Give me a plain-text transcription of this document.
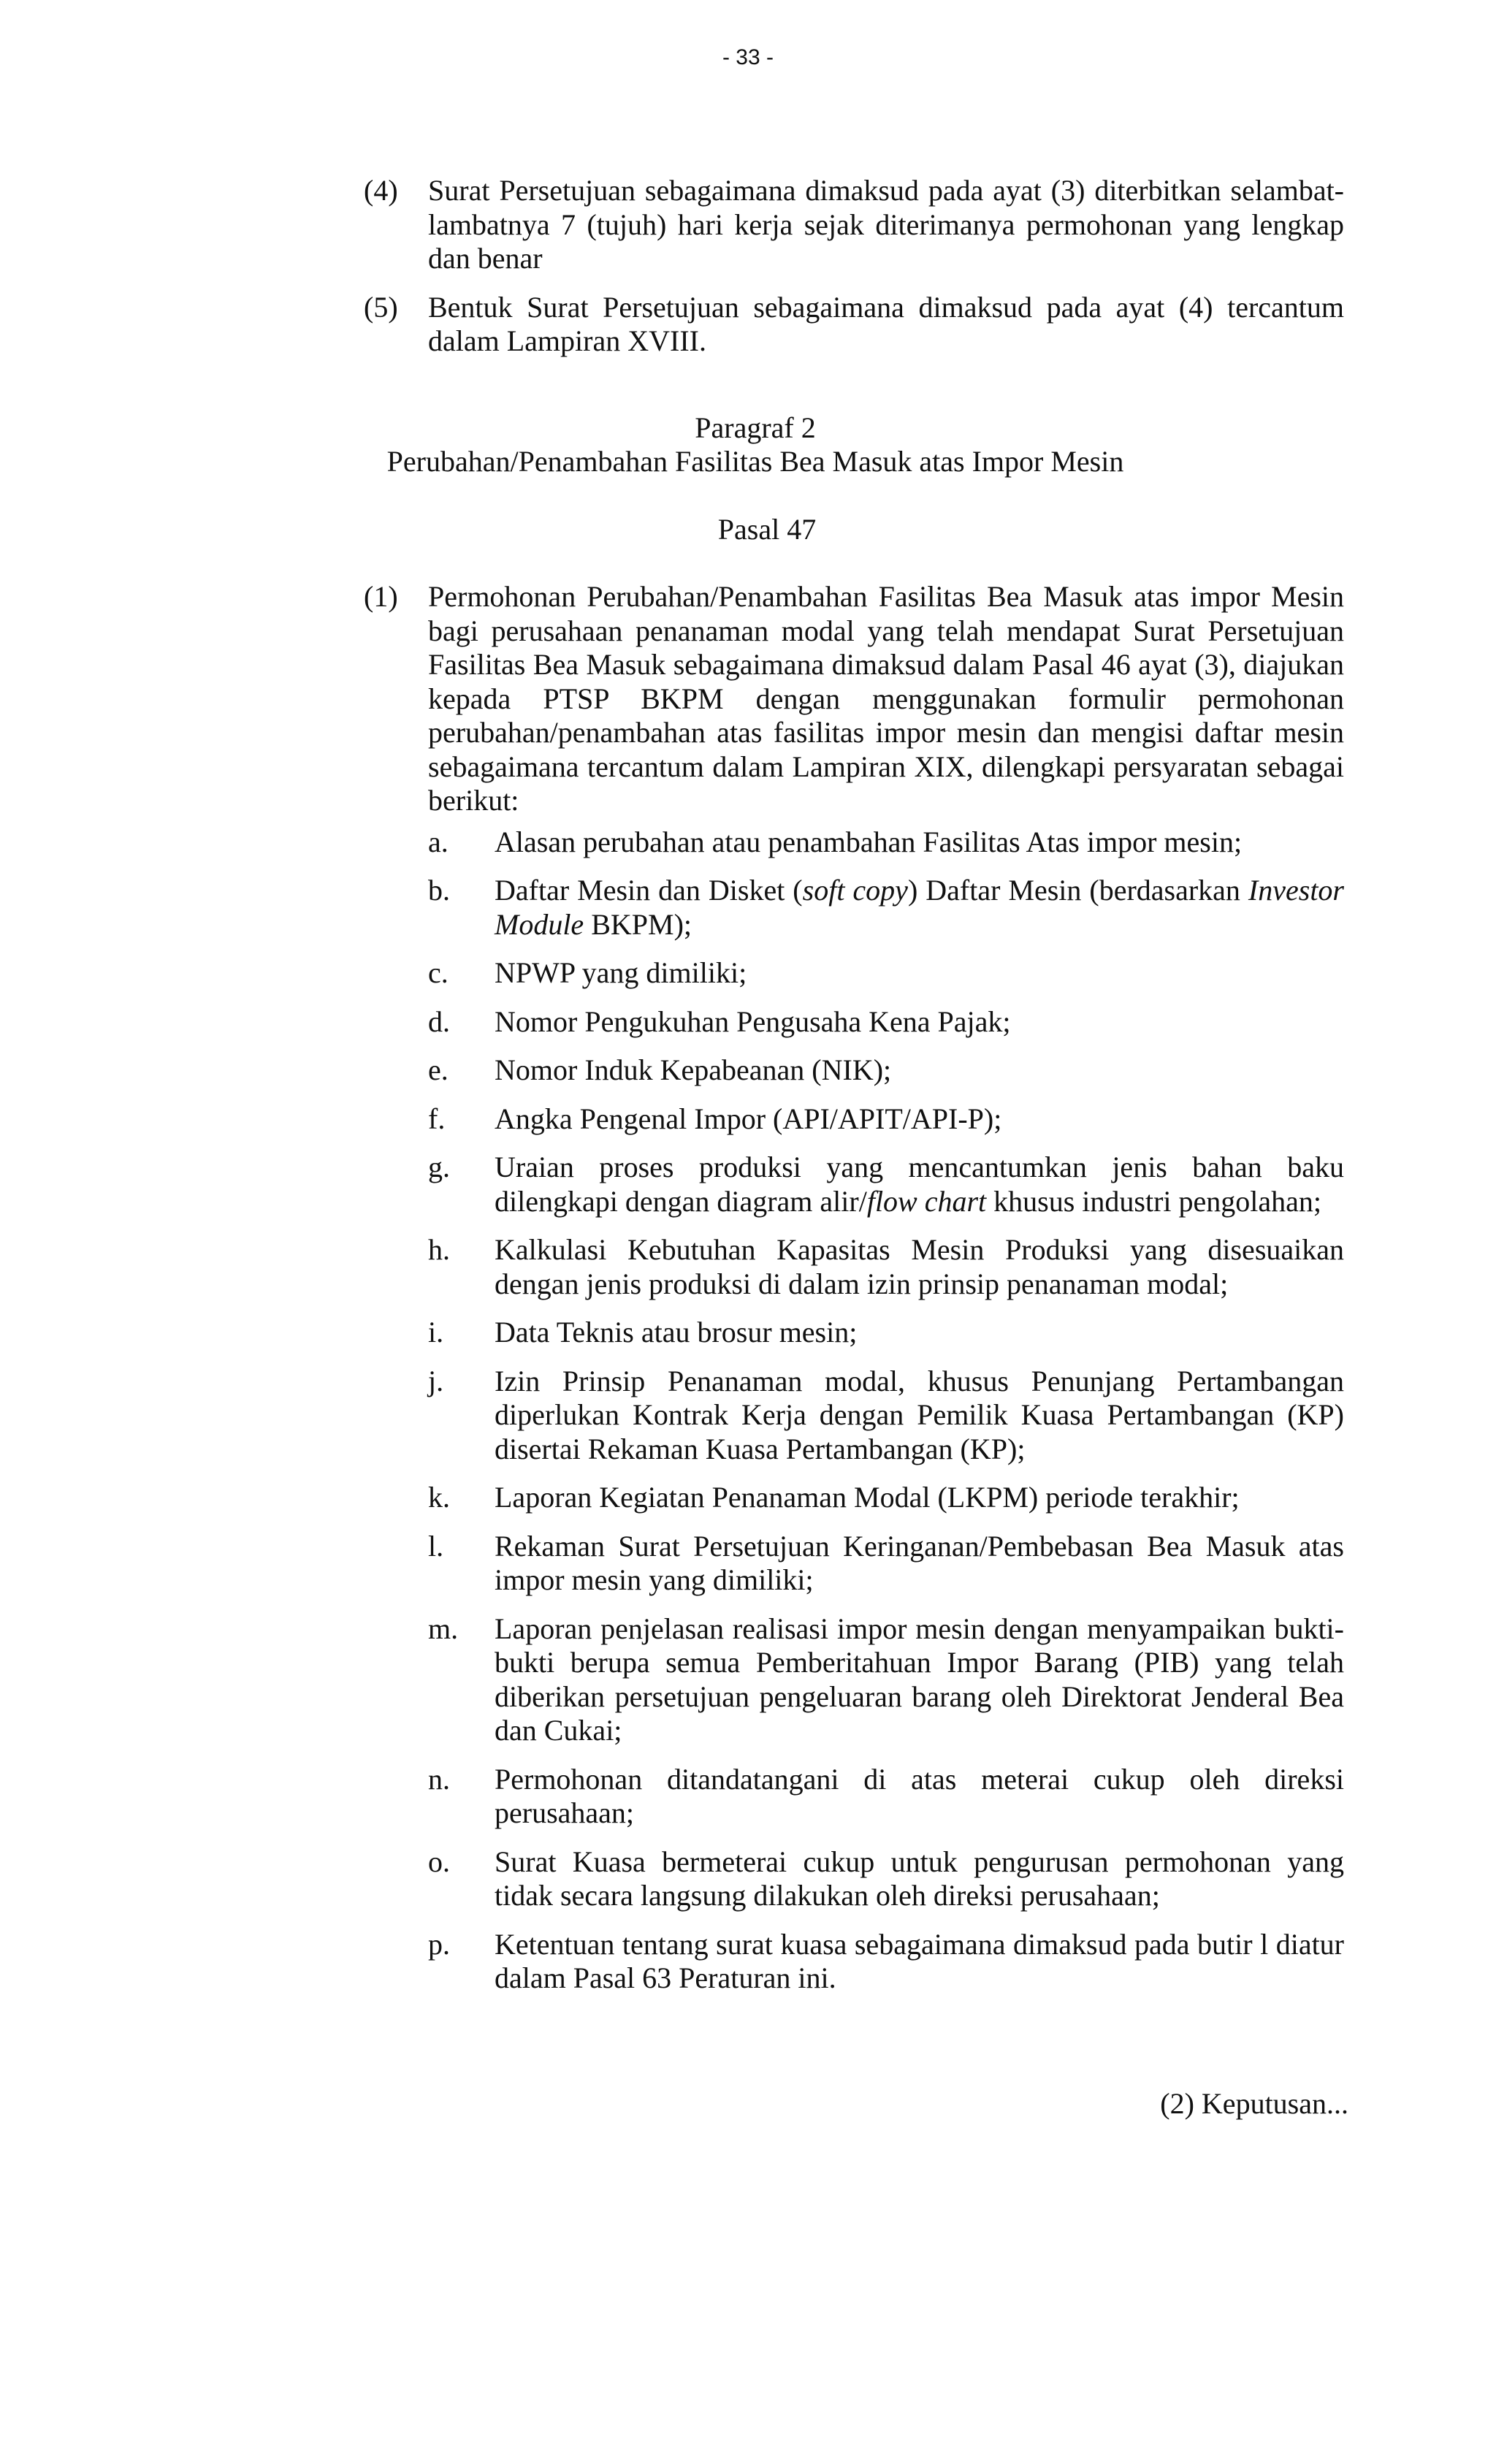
- 33 -
(4) Surat Persetujuan sebagaimana dimaksud pada ayat (3) diterbitkan selambat-lambatnya 7 (tujuh) hari kerja sejak diterimanya permohonan yang lengkap dan benar
(5) Bentuk Surat Persetujuan sebagaimana dimaksud pada ayat (4) tercantum dalam Lampiran XVIII.
Paragraf 2
Perubahan/Penambahan Fasilitas Bea Masuk atas Impor Mesin
Pasal 47
(1) Permohonan Perubahan/Penambahan Fasilitas Bea Masuk atas impor Mesin bagi perusahaan penanaman modal yang telah mendapat Surat Persetujuan Fasilitas Bea Masuk sebagaimana dimaksud dalam Pasal 46 ayat (3), diajukan kepada PTSP BKPM dengan menggunakan formulir permohonan perubahan/penambahan atas fasilitas impor mesin dan mengisi daftar mesin sebagaimana tercantum dalam Lampiran XIX, dilengkapi persyaratan sebagai berikut:
a. Alasan perubahan atau penambahan Fasilitas Atas impor mesin;
b. Daftar Mesin dan Disket (soft copy) Daftar Mesin (berdasarkan Investor Module BKPM);
c. NPWP yang dimiliki;
d. Nomor Pengukuhan Pengusaha Kena Pajak;
e. Nomor Induk Kepabeanan (NIK);
f. Angka Pengenal Impor (API/APIT/API-P);
g. Uraian proses produksi yang mencantumkan jenis bahan baku dilengkapi dengan diagram alir/flow chart khusus industri pengolahan;
h. Kalkulasi Kebutuhan Kapasitas Mesin Produksi yang disesuaikan dengan jenis produksi di dalam izin prinsip penanaman modal;
i. Data Teknis atau brosur mesin;
j. Izin Prinsip Penanaman modal, khusus Penunjang Pertambangan diperlukan Kontrak Kerja dengan Pemilik Kuasa Pertambangan (KP) disertai Rekaman Kuasa Pertambangan (KP);
k. Laporan Kegiatan Penanaman Modal (LKPM) periode terakhir;
l. Rekaman Surat Persetujuan Keringanan/Pembebasan Bea Masuk atas impor mesin yang dimiliki;
m. Laporan penjelasan realisasi impor mesin dengan menyampaikan bukti-bukti berupa semua Pemberitahuan Impor Barang (PIB) yang telah diberikan persetujuan pengeluaran barang oleh Direktorat Jenderal Bea dan Cukai;
n. Permohonan ditandatangani di atas meterai cukup oleh direksi perusahaan;
o. Surat Kuasa bermeterai cukup untuk pengurusan permohonan yang tidak secara langsung dilakukan oleh direksi perusahaan;
p. Ketentuan tentang surat kuasa sebagaimana dimaksud pada butir l diatur dalam Pasal 63 Peraturan ini.
(2) Keputusan...
